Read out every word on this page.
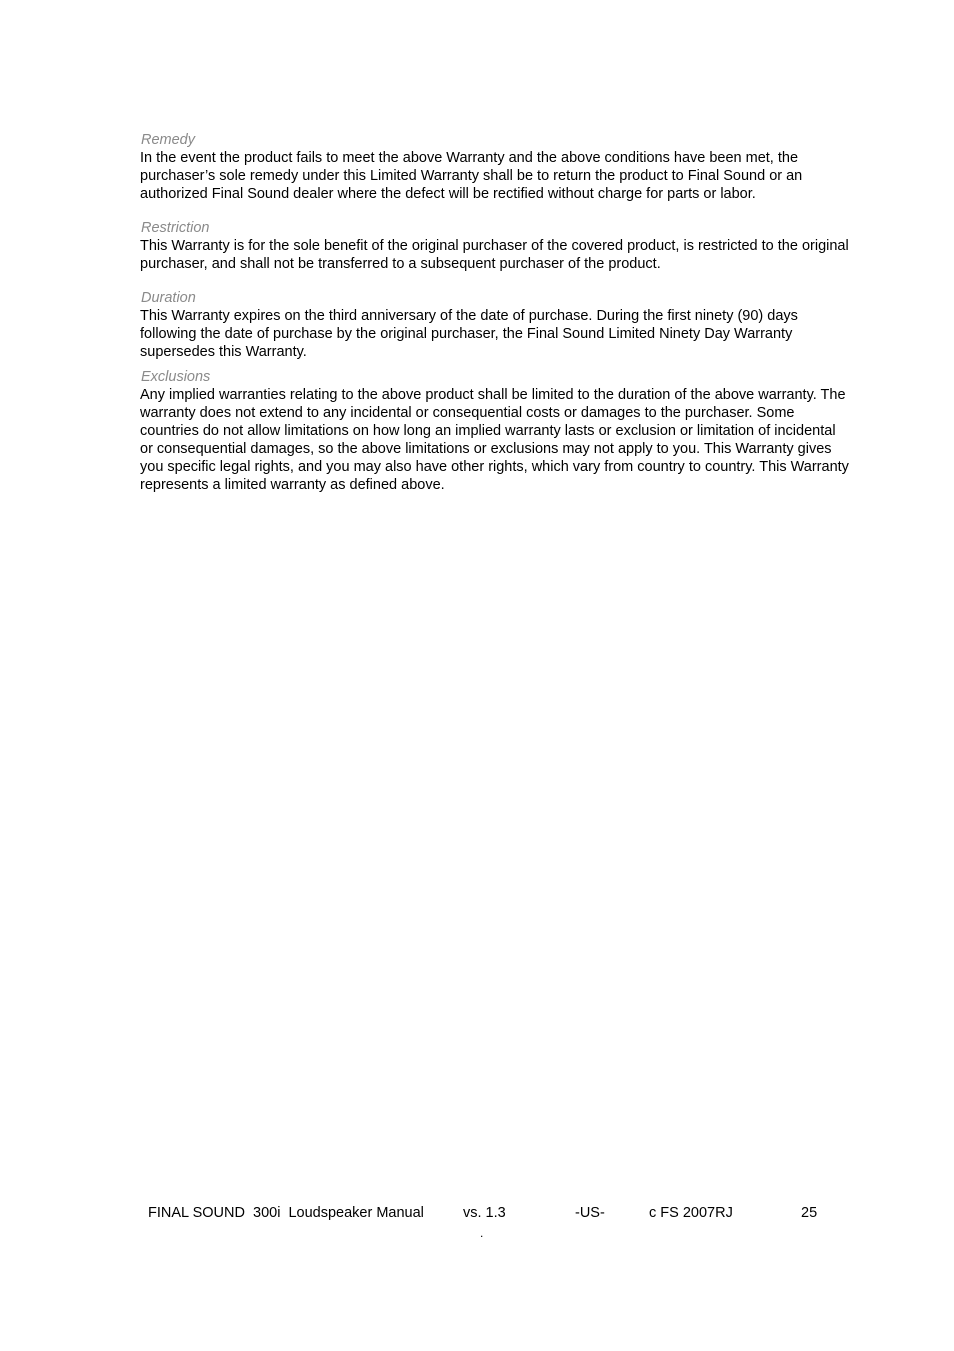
Remedy

In the event the product fails to meet the above Warranty and the above conditions have been met, the purchaser’s sole remedy under this Limited Warranty shall be to return the product to Final Sound or an authorized Final Sound dealer where the defect will be rectified without charge for parts or labor.

Restriction

This Warranty is for the sole benefit of the original purchaser of the covered product, is restricted to the original purchaser, and shall not be transferred to a subsequent purchaser of the product.

Duration

This Warranty expires on the third anniversary of the date of purchase. During the first ninety (90) days following the date of purchase by the original purchaser, the Final Sound Limited Ninety Day Warranty supersedes this Warranty.

Exclusions

Any implied warranties relating to the above product shall be limited to the duration of the above warranty. The warranty does not extend to any incidental or consequential costs or damages to the purchaser. Some countries do not allow limitations on how long an implied warranty lasts or exclusion or limitation of incidental or consequential damages, so the above limitations or exclusions may not apply to you. This Warranty gives you specific legal rights, and you may also have other rights, which vary from country to country. This Warranty represents a limited warranty as defined above.

FINAL SOUND  300i  Loudspeaker Manual	vs. 1.3	-US-	c FS 2007RJ	25
.
